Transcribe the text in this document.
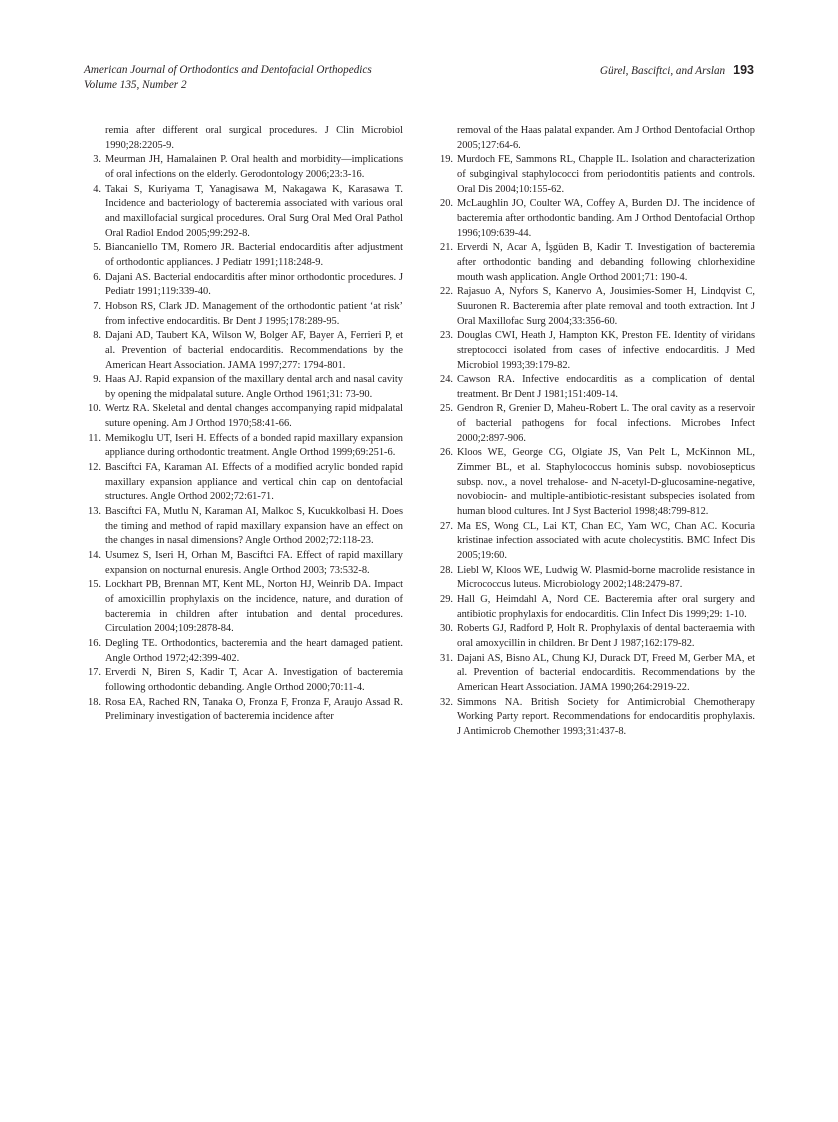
American Journal of Orthodontics and Dentofacial Orthopedics
Volume 135, Number 2
Gürel, Basciftci, and Arslan 193

remia after different oral surgical procedures. J Clin Microbiol 1990;28:2205-9.

3. Meurman JH, Hamalainen P. Oral health and morbidity—implications of oral infections on the elderly. Gerodontology 2006;23:3-16.

4. Takai S, Kuriyama T, Yanagisawa M, Nakagawa K, Karasawa T. Incidence and bacteriology of bacteremia associated with various oral and maxillofacial surgical procedures. Oral Surg Oral Med Oral Pathol Oral Radiol Endod 2005;99:292-8.

5. Biancaniello TM, Romero JR. Bacterial endocarditis after adjustment of orthodontic appliances. J Pediatr 1991;118:248-9.

6. Dajani AS. Bacterial endocarditis after minor orthodontic procedures. J Pediatr 1991;119:339-40.

7. Hobson RS, Clark JD. Management of the orthodontic patient ‘at risk’ from infective endocarditis. Br Dent J 1995;178:289-95.

8. Dajani AD, Taubert KA, Wilson W, Bolger AF, Bayer A, Ferrieri P, et al. Prevention of bacterial endocarditis. Recommendations by the American Heart Association. JAMA 1997;277: 1794-801.

9. Haas AJ. Rapid expansion of the maxillary dental arch and nasal cavity by opening the midpalatal suture. Angle Orthod 1961;31: 73-90.

10. Wertz RA. Skeletal and dental changes accompanying rapid midpalatal suture opening. Am J Orthod 1970;58:41-66.

11. Memikoglu UT, Iseri H. Effects of a bonded rapid maxillary expansion appliance during orthodontic treatment. Angle Orthod 1999;69:251-6.

12. Basciftci FA, Karaman AI. Effects of a modified acrylic bonded rapid maxillary expansion appliance and vertical chin cap on dentofacial structures. Angle Orthod 2002;72:61-71.

13. Basciftci FA, Mutlu N, Karaman AI, Malkoc S, Kucukkolbasi H. Does the timing and method of rapid maxillary expansion have an effect on the changes in nasal dimensions? Angle Orthod 2002;72:118-23.

14. Usumez S, Iseri H, Orhan M, Basciftci FA. Effect of rapid maxillary expansion on nocturnal enuresis. Angle Orthod 2003; 73:532-8.

15. Lockhart PB, Brennan MT, Kent ML, Norton HJ, Weinrib DA. Impact of amoxicillin prophylaxis on the incidence, nature, and duration of bacteremia in children after intubation and dental procedures. Circulation 2004;109:2878-84.

16. Degling TE. Orthodontics, bacteremia and the heart damaged patient. Angle Orthod 1972;42:399-402.

17. Erverdi N, Biren S, Kadir T, Acar A. Investigation of bacteremia following orthodontic debanding. Angle Orthod 2000;70:11-4.

18. Rosa EA, Rached RN, Tanaka O, Fronza F, Fronza F, Araujo Assad R. Preliminary investigation of bacteremia incidence after

removal of the Haas palatal expander. Am J Orthod Dentofacial Orthop 2005;127:64-6.

19. Murdoch FE, Sammons RL, Chapple IL. Isolation and characterization of subgingival staphylococci from periodontitis patients and controls. Oral Dis 2004;10:155-62.

20. McLaughlin JO, Coulter WA, Coffey A, Burden DJ. The incidence of bacteremia after orthodontic banding. Am J Orthod Dentofacial Orthop 1996;109:639-44.

21. Erverdi N, Acar A, İşgüden B, Kadir T. Investigation of bacteremia after orthodontic banding and debanding following chlorhexidine mouth wash application. Angle Orthod 2001;71: 190-4.

22. Rajasuo A, Nyfors S, Kanervo A, Jousimies-Somer H, Lindqvist C, Suuronen R. Bacteremia after plate removal and tooth extraction. Int J Oral Maxillofac Surg 2004;33:356-60.

23. Douglas CWI, Heath J, Hampton KK, Preston FE. Identity of viridans streptococci isolated from cases of infective endocarditis. J Med Microbiol 1993;39:179-82.

24. Cawson RA. Infective endocarditis as a complication of dental treatment. Br Dent J 1981;151:409-14.

25. Gendron R, Grenier D, Maheu-Robert L. The oral cavity as a reservoir of bacterial pathogens for focal infections. Microbes Infect 2000;2:897-906.

26. Kloos WE, George CG, Olgiate JS, Van Pelt L, McKinnon ML, Zimmer BL, et al. Staphylococcus hominis subsp. novobiosepticus subsp. nov., a novel trehalose- and N-acetyl-D-glucosamine-negative, novobiocin- and multiple-antibiotic-resistant subspecies isolated from human blood cultures. Int J Syst Bacteriol 1998;48:799-812.

27. Ma ES, Wong CL, Lai KT, Chan EC, Yam WC, Chan AC. Kocuria kristinae infection associated with acute cholecystitis. BMC Infect Dis 2005;19:60.

28. Liebl W, Kloos WE, Ludwig W. Plasmid-borne macrolide resistance in Micrococcus luteus. Microbiology 2002;148:2479-87.

29. Hall G, Heimdahl A, Nord CE. Bacteremia after oral surgery and antibiotic prophylaxis for endocarditis. Clin Infect Dis 1999;29: 1-10.

30. Roberts GJ, Radford P, Holt R. Prophylaxis of dental bacteraemia with oral amoxycillin in children. Br Dent J 1987;162:179-82.

31. Dajani AS, Bisno AL, Chung KJ, Durack DT, Freed M, Gerber MA, et al. Prevention of bacterial endocarditis. Recommendations by the American Heart Association. JAMA 1990;264:2919-22.

32. Simmons NA. British Society for Antimicrobial Chemotherapy Working Party report. Recommendations for endocarditis prophylaxis. J Antimicrob Chemother 1993;31:437-8.
